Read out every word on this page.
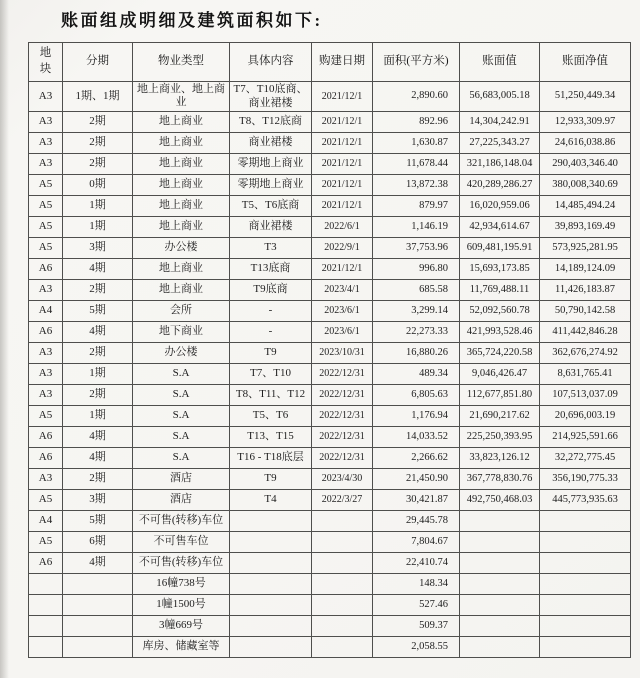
账面组成明细及建筑面积如下:
地块	分期	物业类型	具体内容	购建日期	面积(平方米)	账面值	账面净值
A3	1期、1期	地上商业、地上商业	T7、T10底商、商业裙楼	2021/12/1	2,890.60	56,683,005.18	51,250,449.34
A3	2期	地上商业	T8、T12底商	2021/12/1	892.96	14,304,242.91	12,933,309.97
A3	2期	地上商业	商业裙楼	2021/12/1	1,630.87	27,225,343.27	24,616,038.86
A3	2期	地上商业	零期地上商业	2021/12/1	11,678.44	321,186,148.04	290,403,346.40
A5	0期	地上商业	零期地上商业	2021/12/1	13,872.38	420,289,286.27	380,008,340.69
A5	1期	地上商业	T5、T6底商	2021/12/1	879.97	16,020,959.06	14,485,494.24
A5	1期	地上商业	商业裙楼	2022/6/1	1,146.19	42,934,614.67	39,893,169.49
A5	3期	办公楼	T3	2022/9/1	37,753.96	609,481,195.91	573,925,281.95
A6	4期	地上商业	T13底商	2021/12/1	996.80	15,693,173.85	14,189,124.09
A3	2期	地上商业	T9底商	2023/4/1	685.58	11,769,488.11	11,426,183.87
A4	5期	会所	-	2023/6/1	3,299.14	52,092,560.78	50,790,142.58
A6	4期	地下商业	-	2023/6/1	22,273.33	421,993,528.46	411,442,846.28
A3	2期	办公楼	T9	2023/10/31	16,880.26	365,724,220.58	362,676,274.92
A3	1期	S.A	T7、T10	2022/12/31	489.34	9,046,426.47	8,631,765.41
A3	2期	S.A	T8、T11、T12	2022/12/31	6,805.63	112,677,851.80	107,513,037.09
A5	1期	S.A	T5、T6	2022/12/31	1,176.94	21,690,217.62	20,696,003.19
A6	4期	S.A	T13、T15	2022/12/31	14,033.52	225,250,393.95	214,925,591.66
A6	4期	S.A	T16 - T18底层	2022/12/31	2,266.62	33,823,126.12	32,272,775.45
A3	2期	酒店	T9	2023/4/30	21,450.90	367,778,830.76	356,190,775.33
A5	3期	酒店	T4	2022/3/27	30,421.87	492,750,468.03	445,773,935.63
A4	5期	不可售(转移)车位			29,445.78		
A5	6期	不可售车位			7,804.67		
A6	4期	不可售(转移)车位			22,410.74		
		16幢738号			148.34		
		1幢1500号			527.46		
		3幢669号			509.37		
		库房、储藏室等			2,058.55		
